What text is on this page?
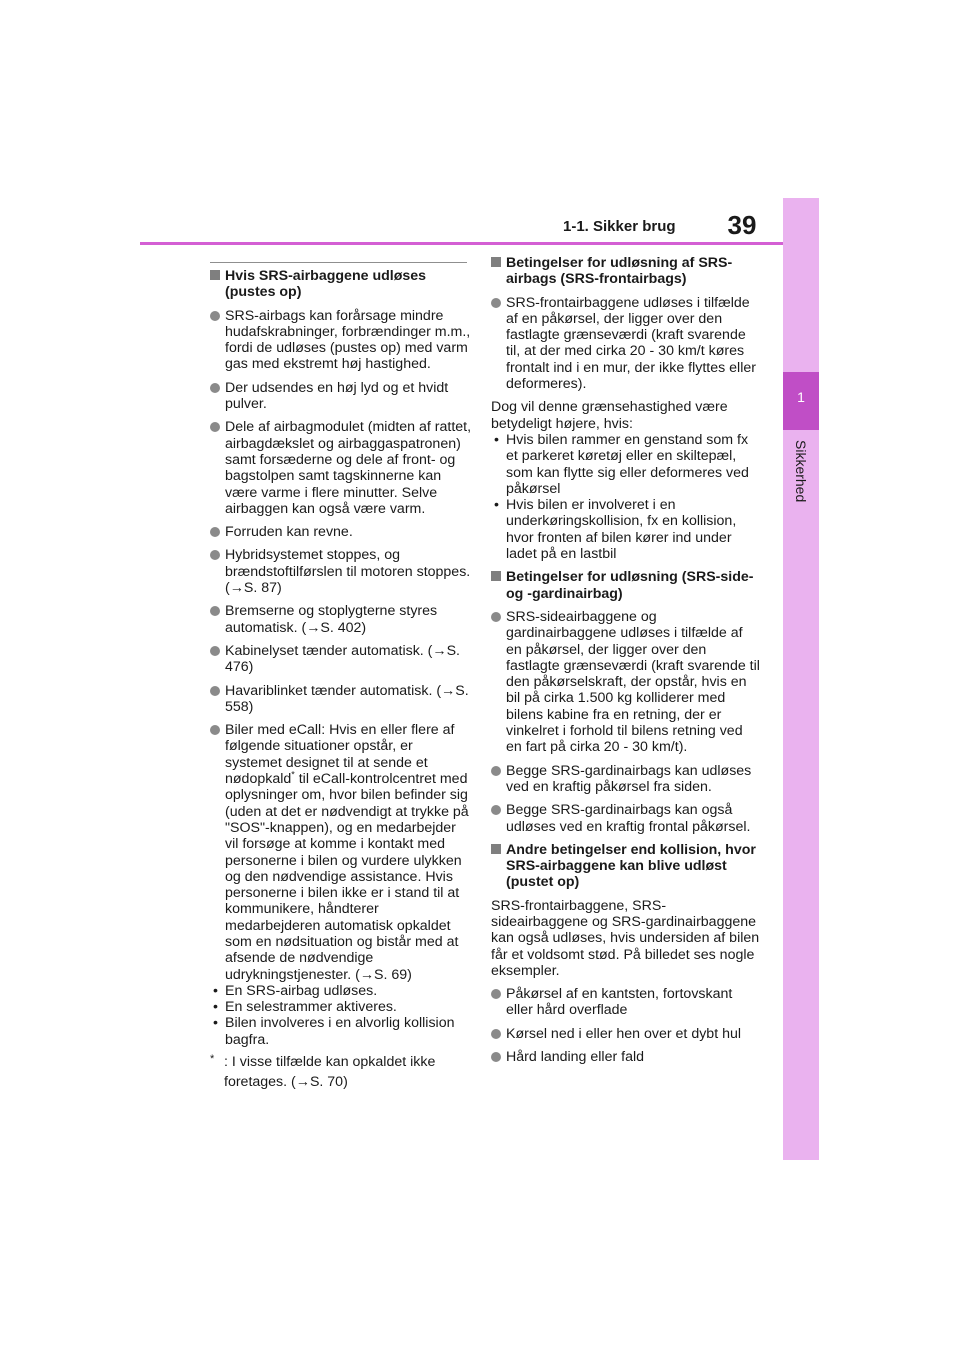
1-1. Sikker brug	39
1
Sikkerhed
Hvis SRS-airbaggene udløses (pustes op)
SRS-airbags kan forårsage mindre hudafskrabninger, forbrændinger m.m., fordi de udløses (pustes op) med varm gas med ekstremt høj hastighed.
Der udsendes en høj lyd og et hvidt pulver.
Dele af airbagmodulet (midten af rattet, airbagdækslet og airbaggaspatronen) samt forsæderne og dele af front- og bagstolpen samt tagskinnerne kan være varme i flere minutter. Selve airbaggen kan også være varm.
Forruden kan revne.
Hybridsystemet stoppes, og brændstoftilførslen til motoren stoppes. (→S. 87)
Bremserne og stoplygterne styres automatisk. (→S. 402)
Kabinelyset tænder automatisk. (→S. 476)
Havariblinket tænder automatisk. (→S. 558)
Biler med eCall: Hvis en eller flere af følgende situationer opstår, er systemet designet til at sende et nødopkald* til eCall-kontrolcentret med oplysninger om, hvor bilen befinder sig (uden at det er nødvendigt at trykke på "SOS"-knappen), og en medarbejder vil forsøge at komme i kontakt med personerne i bilen og vurdere ulykken og den nødvendige assistance. Hvis personerne i bilen ikke er i stand til at kommunikere, håndterer medarbejderen automatisk opkaldet som en nødsituation og bistår med at afsende de nødvendige udrykningstjenester. (→S. 69)
• En SRS-airbag udløses.
• En selestrammer aktiveres.
• Bilen involveres i en alvorlig kollision bagfra.
* : I visse tilfælde kan opkaldet ikke foretages. (→S. 70)
Betingelser for udløsning af SRS-airbags (SRS-frontairbags)
SRS-frontairbaggene udløses i tilfælde af en påkørsel, der ligger over den fastlagte grænseværdi (kraft svarende til, at der med cirka 20 - 30 km/t køres frontalt ind i en mur, der ikke flyttes eller deformeres).
Dog vil denne grænsehastighed være betydeligt højere, hvis:
• Hvis bilen rammer en genstand som fx et parkeret køretøj eller en skiltepæl, som kan flytte sig eller deformeres ved påkørsel
• Hvis bilen er involveret i en underkøringskollision, fx en kollision, hvor fronten af bilen kører ind under ladet på en lastbil
Betingelser for udløsning (SRS-side- og -gardinairbag)
SRS-sideairbaggene og gardinairbaggene udløses i tilfælde af en påkørsel, der ligger over den fastlagte grænseværdi (kraft svarende til den påkørselskraft, der opstår, hvis en bil på cirka 1.500 kg kolliderer med bilens kabine fra en retning, der er vinkelret i forhold til bilens retning ved en fart på cirka 20 - 30 km/t).
Begge SRS-gardinairbags kan udløses ved en kraftig påkørsel fra siden.
Begge SRS-gardinairbags kan også udløses ved en kraftig frontal påkørsel.
Andre betingelser end kollision, hvor SRS-airbaggene kan blive udløst (pustet op)
SRS-frontairbaggene, SRS-sideairbaggene og SRS-gardinairbaggene kan også udløses, hvis undersiden af bilen får et voldsomt stød. På billedet ses nogle eksempler.
Påkørsel af en kantsten, fortovskant eller hård overflade
Kørsel ned i eller hen over et dybt hul
Hård landing eller fald
